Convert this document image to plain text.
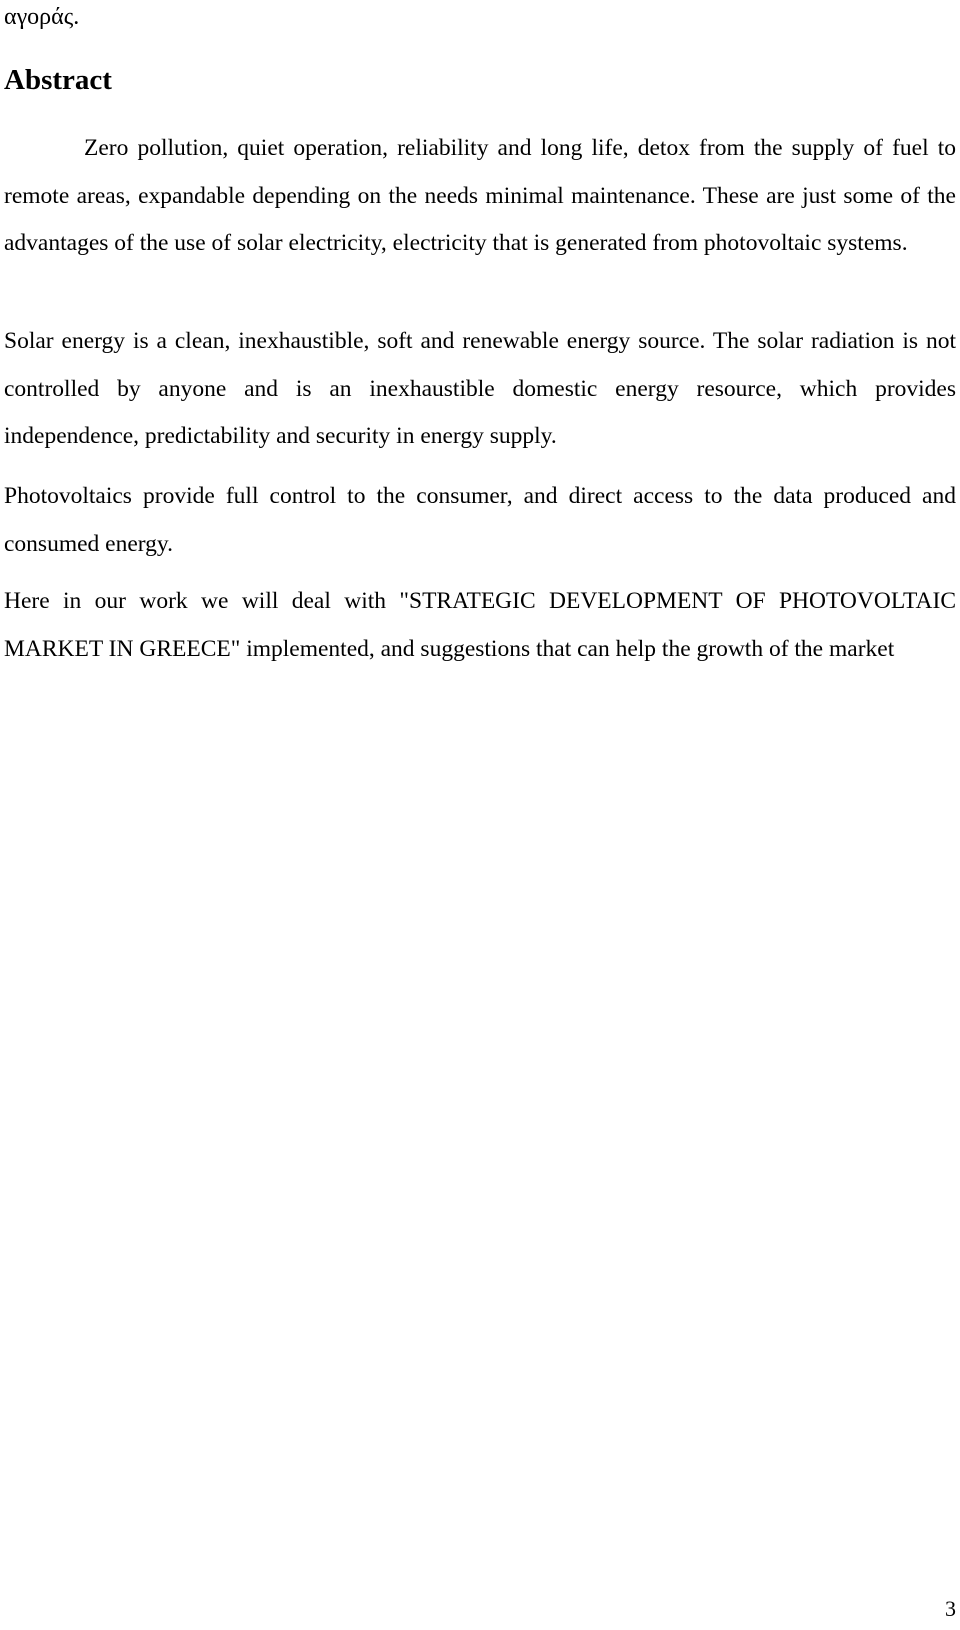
αγοράς.

Abstract

Zero pollution, quiet operation, reliability and long life, detox from the supply of fuel to remote areas, expandable depending on the needs minimal maintenance. These are just some of the advantages of the use of solar electricity, electricity that is generated from photovoltaic systems.

Solar energy is a clean, inexhaustible, soft and renewable energy source. The solar radiation is not controlled by anyone and is an inexhaustible domestic energy resource, which provides independence, predictability and security in energy supply.

Photovoltaics provide full control to the consumer, and direct access to the data produced and consumed energy.

Here in our work we will deal with "STRATEGIC DEVELOPMENT OF PHOTOVOLTAIC MARKET IN GREECE" implemented, and suggestions that can help the growth of the market

3
